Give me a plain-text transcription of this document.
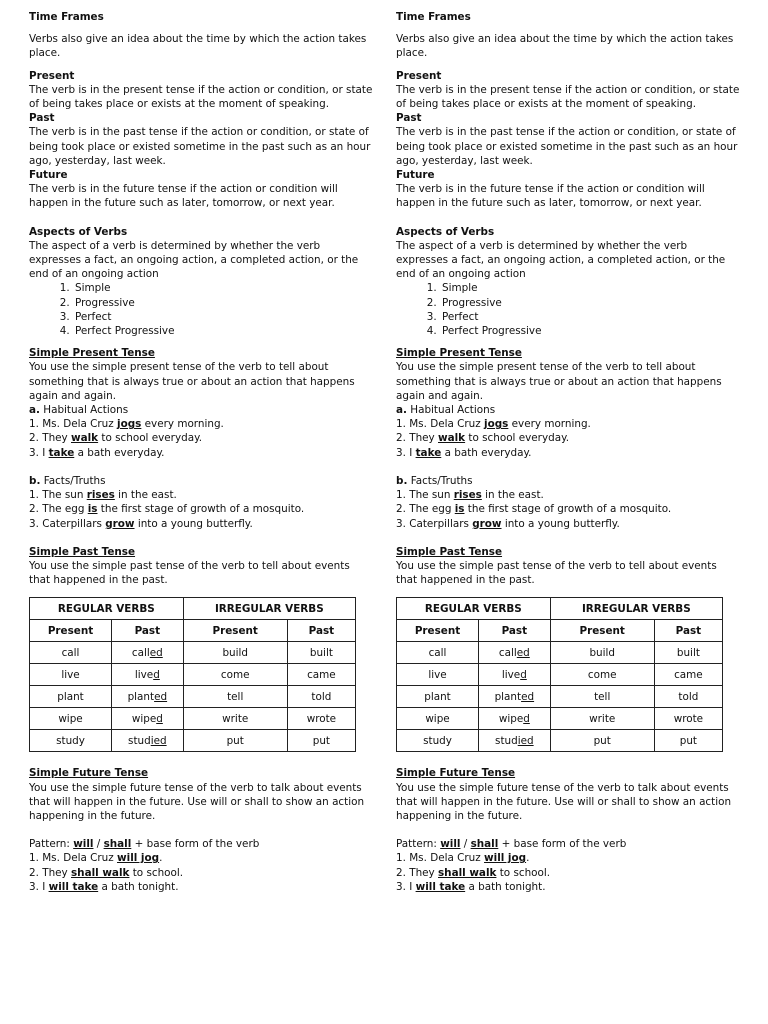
Time Frames

Verbs also give an idea about the time by which the action takes place.

Present

The verb is in the present tense if the action or condition, or state of being takes place or exists at the moment of speaking.

Past

The verb is in the past tense if the action or condition, or state of being took place or existed sometime in the past such as an hour ago, yesterday, last week.

Future

The verb is in the future tense if the action or condition will happen in the future such as later, tomorrow, or next year.

Aspects of Verbs

The aspect of a verb is determined by whether the verb expresses a fact, an ongoing action, a completed action, or the end of an ongoing action

1. Simple
2. Progressive
3. Perfect
4. Perfect Progressive

Simple Present Tense

You use the simple present tense of the verb to tell about something that is always true or about an action that happens again and again.

a. Habitual Actions

1. Ms. Dela Cruz jogs every morning.

2. They walk to school everyday.

3. I take a bath everyday.

b. Facts/Truths

1. The sun rises in the east.

2. The egg is the first stage of growth of a mosquito.

3. Caterpillars grow into a young butterfly.

Simple Past Tense

You use the simple past tense of the verb to tell about events that happened in the past.

REGULAR VERBS		IRREGULAR VERBS	
Present	Past	Present	Past
call	called	build	built
live	lived	come	came
plant	planted	tell	told
wipe	wiped	write	wrote
study	studied	put	put

Simple Future Tense

You use the simple future tense of the verb to talk about events that will happen in the future. Use will or shall to show an action happening in the future.

Pattern: will / shall + base form of the verb

1. Ms. Dela Cruz will jog.

2. They shall walk to school.

3. I will take a bath tonight.

Time Frames

Verbs also give an idea about the time by which the action takes place.

Present

The verb is in the present tense if the action or condition, or state of being takes place or exists at the moment of speaking.

Past

The verb is in the past tense if the action or condition, or state of being took place or existed sometime in the past such as an hour ago, yesterday, last week.

Future

The verb is in the future tense if the action or condition will happen in the future such as later, tomorrow, or next year.

Aspects of Verbs

The aspect of a verb is determined by whether the verb expresses a fact, an ongoing action, a completed action, or the end of an ongoing action

1. Simple
2. Progressive
3. Perfect
4. Perfect Progressive

Simple Present Tense

You use the simple present tense of the verb to tell about something that is always true or about an action that happens again and again.

a. Habitual Actions

1. Ms. Dela Cruz jogs every morning.

2. They walk to school everyday.

3. I take a bath everyday.

b. Facts/Truths

1. The sun rises in the east.

2. The egg is the first stage of growth of a mosquito.

3. Caterpillars grow into a young butterfly.

Simple Past Tense

You use the simple past tense of the verb to tell about events that happened in the past.

REGULAR VERBS		IRREGULAR VERBS	
Present	Past	Present	Past
call	called	build	built
live	lived	come	came
plant	planted	tell	told
wipe	wiped	write	wrote
study	studied	put	put

Simple Future Tense

You use the simple future tense of the verb to talk about events that will happen in the future. Use will or shall to show an action happening in the future.

Pattern: will / shall + base form of the verb

1. Ms. Dela Cruz will jog.

2. They shall walk to school.

3. I will take a bath tonight.
